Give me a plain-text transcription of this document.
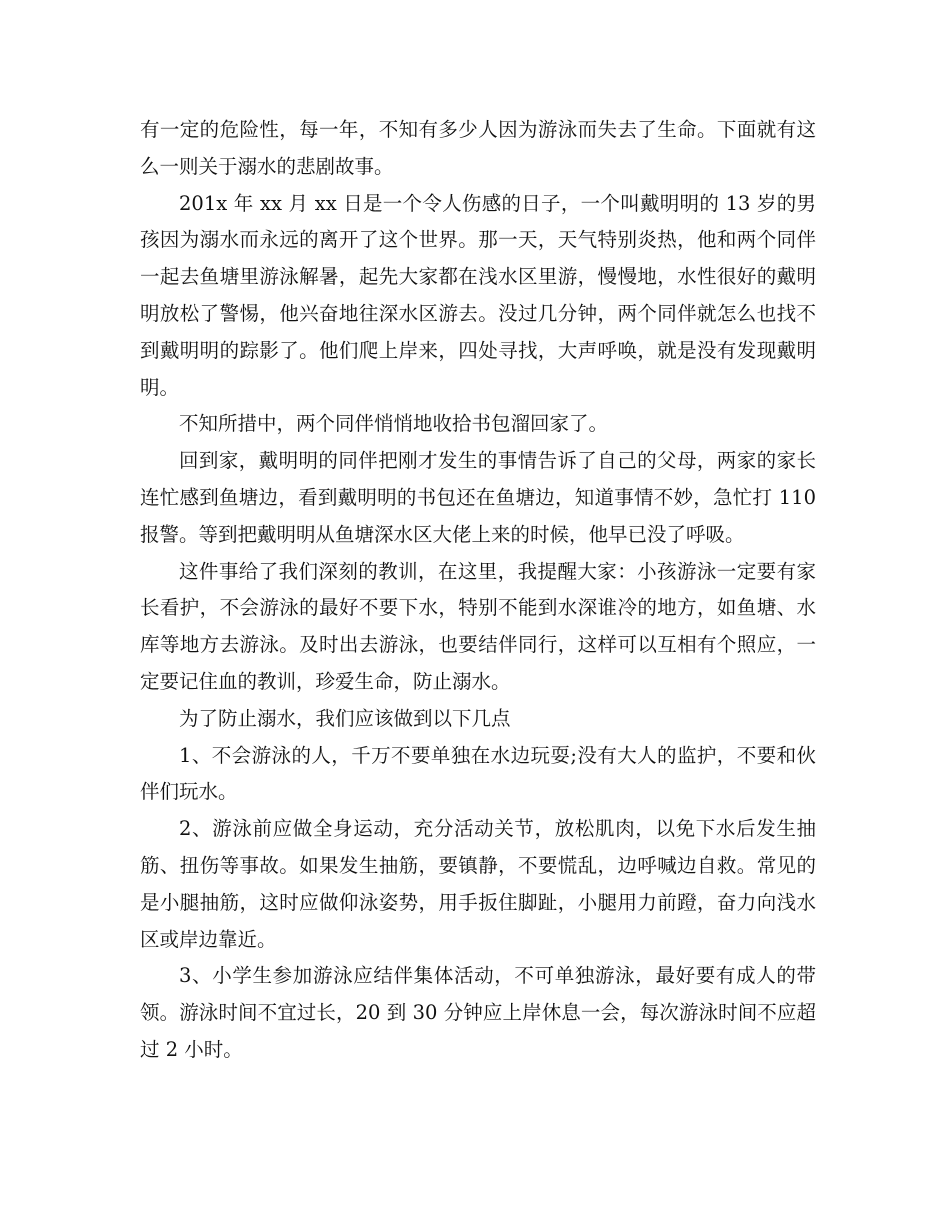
有一定的危险性，每一年，不知有多少人因为游泳而失去了生命。下面就有这么一则关于溺水的悲剧故事。

201x 年 xx 月 xx 日是一个令人伤感的日子，一个叫戴明明的 13 岁的男孩因为溺水而永远的离开了这个世界。那一天，天气特别炎热，他和两个同伴一起去鱼塘里游泳解暑，起先大家都在浅水区里游，慢慢地，水性很好的戴明明放松了警惕，他兴奋地往深水区游去。没过几分钟，两个同伴就怎么也找不到戴明明的踪影了。他们爬上岸来，四处寻找，大声呼唤，就是没有发现戴明明。

不知所措中，两个同伴悄悄地收拾书包溜回家了。

回到家，戴明明的同伴把刚才发生的事情告诉了自己的父母，两家的家长连忙感到鱼塘边，看到戴明明的书包还在鱼塘边，知道事情不妙，急忙打 110 报警。等到把戴明明从鱼塘深水区大佬上来的时候，他早已没了呼吸。

这件事给了我们深刻的教训，在这里，我提醒大家：小孩游泳一定要有家长看护，不会游泳的最好不要下水，特别不能到水深谁冷的地方，如鱼塘、水库等地方去游泳。及时出去游泳，也要结伴同行，这样可以互相有个照应，一定要记住血的教训，珍爱生命，防止溺水。

为了防止溺水，我们应该做到以下几点

1、不会游泳的人，千万不要单独在水边玩耍;没有大人的监护，不要和伙伴们玩水。

2、游泳前应做全身运动，充分活动关节，放松肌肉，以免下水后发生抽筋、扭伤等事故。如果发生抽筋，要镇静，不要慌乱，边呼喊边自救。常见的是小腿抽筋，这时应做仰泳姿势，用手扳住脚趾，小腿用力前蹬，奋力向浅水区或岸边靠近。

3、小学生参加游泳应结伴集体活动，不可单独游泳，最好要有成人的带领。游泳时间不宜过长，20 到 30 分钟应上岸休息一会，每次游泳时间不应超过 2 小时。
